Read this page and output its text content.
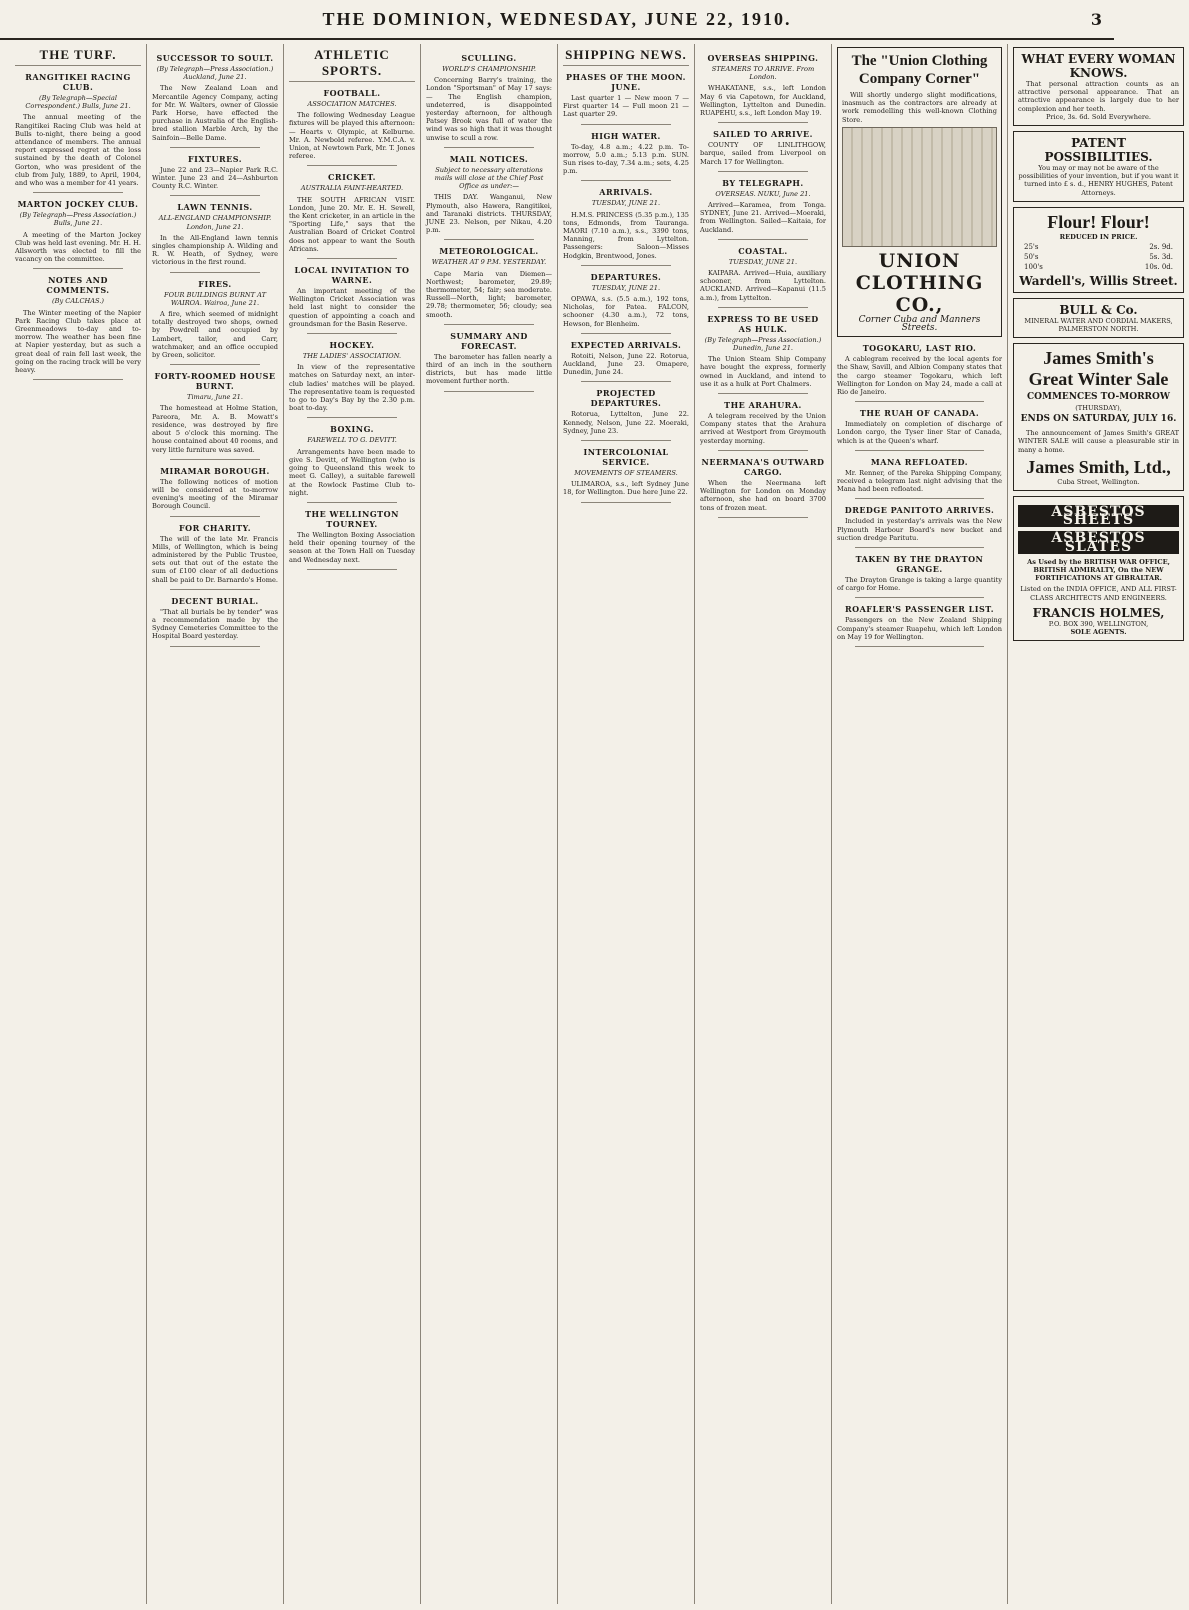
THE DOMINION, WEDNESDAY, JUNE 22, 1910.	3
THE TURF.
RANGITIKEI RACING CLUB.
(By Telegraph—Special Correspondent.) Bulls, June 21.
The annual meeting of the Rangitikei Racing Club was held at Bulls to-night, there being a good attendance of members. The annual report expressed regret at the loss sustained by the death of Colonel Gorton, who was president of the club from July, 1889, to April, 1904, and who was a member for 41 years.
MARTON JOCKEY CLUB.
(By Telegraph—Press Association.) Bulls, June 21.
A meeting of the Marton Jockey Club was held last evening. Mr. H. H. Allsworth was elected to fill the vacancy on the committee.
NOTES AND COMMENTS.
(By CALCHAS.)
The Winter meeting of the Napier Park Racing Club takes place at Greenmeadows to-day and to-morrow. The weather has been fine at Napier yesterday, but as such a great deal of rain fell last week, the going on the racing track will be very heavy.
SUCCESSOR TO SOULT.
(By Telegraph—Press Association.) Auckland, June 21.
The New Zealand Loan and Mercantile Agency Company, acting for Mr. W. Walters, owner of Glossie Park Horse, have effected the purchase in Australia of the English-bred stallion Marble Arch, by the Sainfoin—Belle Dame.
FIXTURES.
June 22 and 23—Napier Park R.C. Winter. June 23 and 24—Ashburton County R.C. Winter.
LAWN TENNIS.
ALL-ENGLAND CHAMPIONSHIP. London, June 21.
In the All-England lawn tennis singles championship A. Wilding and R. W. Heath, of Sydney, were victorious in the first round.
FIRES.
FOUR BUILDINGS BURNT AT WAIROA. Wairoa, June 21.
A fire, which seemed of midnight totally destroyed two shops, owned by Powdrell and occupied by Lambert, tailor, and Carr, watchmaker, and an office occupied by Green, solicitor.
FORTY-ROOMED HOUSE BURNT.
Timaru, June 21.
The homestead at Holme Station, Pareora, Mr. A. B. Mowatt's residence, was destroyed by fire about 5 o'clock this morning. The house contained about 40 rooms, and very little furniture was saved.
MIRAMAR BOROUGH.
The following notices of motion will be considered at to-morrow evening's meeting of the Miramar Borough Council.
FOR CHARITY.
The will of the late Mr. Francis Mills, of Wellington, which is being administered by the Public Trustee, sets out that out of the estate the sum of £100 clear of all deductions shall be paid to Dr. Barnardo's Home.
DECENT BURIAL.
"That all burials be by tender" was a recommendation made by the Sydney Cemeteries Committee to the Hospital Board yesterday.
ATHLETIC SPORTS.
FOOTBALL.
ASSOCIATION MATCHES.
The following Wednesday League fixtures will be played this afternoon:— Hearts v. Olympic, at Kelburne. Mr. A. Newbold referee. Y.M.C.A. v. Union, at Newtown Park, Mr. T. Jones referee.
CRICKET.
AUSTRALIA FAINT-HEARTED.
THE SOUTH AFRICAN VISIT. London, June 20. Mr. E. H. Sewell, the Kent cricketer, in an article in the "Sporting Life," says that the Australian Board of Cricket Control does not appear to want the South Africans.
LOCAL INVITATION TO WARNE.
An important meeting of the Wellington Cricket Association was held last night to consider the question of appointing a coach and groundsman for the Basin Reserve.
HOCKEY.
THE LADIES' ASSOCIATION.
In view of the representative matches on Saturday next, an inter-club ladies' matches will be played. The representative team is requested to go to Day's Bay by the 2.30 p.m. boat to-day.
BOXING.
FAREWELL TO G. DEVITT.
Arrangements have been made to give S. Devitt, of Wellington (who is going to Queensland this week to meet G. Calley), a suitable farewell at the Rowlock Pastime Club to-night.
THE WELLINGTON TOURNEY.
The Wellington Boxing Association held their opening tourney of the season at the Town Hall on Tuesday and Wednesday next.
SCULLING.
WORLD'S CHAMPIONSHIP.
Concerning Barry's training, the London "Sportsman" of May 17 says:— The English champion, undeterred, is disappointed yesterday afternoon, for although Patsey Brook was full of water the wind was so high that it was thought unwise to scull a row.
MAIL NOTICES.
Subject to necessary alterations mails will close at the Chief Post Office as under:—
THIS DAY. Wanganui, New Plymouth, also Hawera, Rangitikei, and Taranaki districts. THURSDAY, JUNE 23. Nelson, per Nikau, 4.20 p.m.
METEOROLOGICAL.
WEATHER AT 9 P.M. YESTERDAY.
Cape Maria van Diemen—Northwest; barometer, 29.89; thermometer, 54; fair; sea moderate. Russell—North, light; barometer, 29.78; thermometer, 56; cloudy; sea smooth.
SUMMARY AND FORECAST.
The barometer has fallen nearly a third of an inch in the southern districts, but has made little movement further north.
SHIPPING NEWS.
PHASES OF THE MOON. JUNE.
Last quarter 1 — New moon 7 — First quarter 14 — Full moon 21 — Last quarter 29.
HIGH WATER.
To-day, 4.8 a.m.; 4.22 p.m. To-morrow, 5.0 a.m.; 5.13 p.m. SUN. Sun rises to-day, 7.34 a.m.; sets, 4.25 p.m.
ARRIVALS.
TUESDAY, JUNE 21.
H.M.S. PRINCESS (5.35 p.m.), 135 tons, Edmonds, from Tauranga. MAORI (7.10 a.m.), s.s., 3390 tons, Manning, from Lyttelton. Passengers: Saloon—Misses Hodgkin, Brentwood, Jones.
DEPARTURES.
TUESDAY, JUNE 21.
OPAWA, s.s. (5.5 a.m.), 192 tons, Nicholas, for Patea. FALCON, schooner (4.30 a.m.), 72 tons, Hewson, for Blenheim.
EXPECTED ARRIVALS.
Rotoiti, Nelson, June 22. Rotorua, Auckland, June 23. Omapere, Dunedin, June 24.
PROJECTED DEPARTURES.
Rotorua, Lyttelton, June 22. Kennedy, Nelson, June 22. Moeraki, Sydney, June 23.
INTERCOLONIAL SERVICE.
MOVEMENTS OF STEAMERS.
ULIMAROA, s.s., left Sydney June 18, for Wellington. Due here June 22.
OVERSEAS SHIPPING.
STEAMERS TO ARRIVE. From London.
WHAKATANE, s.s., left London May 6 via Capetown, for Auckland, Wellington, Lyttelton and Dunedin. RUAPEHU, s.s., left London May 19.
SAILED TO ARRIVE.
COUNTY OF LINLITHGOW, barque, sailed from Liverpool on March 17 for Wellington.
BY TELEGRAPH.
OVERSEAS. NUKU, June 21.
Arrived—Karamea, from Tonga. SYDNEY, June 21. Arrived—Moeraki, from Wellington. Sailed—Kaitaia, for Auckland.
COASTAL.
TUESDAY, JUNE 21.
KAIPARA. Arrived—Huia, auxiliary schooner, from Lyttelton. AUCKLAND. Arrived—Kapanui (11.5 a.m.), from Lyttelton.
EXPRESS TO BE USED AS HULK.
(By Telegraph—Press Association.) Dunedin, June 21.
The Union Steam Ship Company have bought the express, formerly owned in Auckland, and intend to use it as a hulk at Port Chalmers.
THE ARAHURA.
A telegram received by the Union Company states that the Arahura arrived at Westport from Greymouth yesterday morning.
NEERMANA'S OUTWARD CARGO.
When the Neermana left Wellington for London on Monday afternoon, she had on board 3700 tons of frozen meat.
The "Union Clothing Company Corner"
Will shortly undergo slight modifications, inasmuch as the contractors are already at work remodelling this well-known Clothing Store.
UNION CLOTHING CO.,
Corner Cuba and Manners Streets.
TOGOKARU, LAST RIO.
A cablegram received by the local agents for the Shaw, Savill, and Albion Company states that the cargo steamer Togokaru, which left Wellington for London on May 24, made a call at Rio de Janeiro.
THE RUAH OF CANADA.
Immediately on completion of discharge of London cargo, the Tyser liner Star of Canada, which is at the Queen's wharf.
MANA REFLOATED.
Mr. Renner, of the Pareka Shipping Company, received a telegram last night advising that the Mana had been refloated.
DREDGE PANITOTO ARRIVES.
Included in yesterday's arrivals was the New Plymouth Harbour Board's new bucket and suction dredge Paritutu.
TAKEN BY THE DRAYTON GRANGE.
The Drayton Grange is taking a large quantity of cargo for Home.
ROAFLER'S PASSENGER LIST.
Passengers on the New Zealand Shipping Company's steamer Ruapehu, which left London on May 19 for Wellington.
WHAT EVERY WOMAN KNOWS.
That personal attraction counts as an attractive personal appearance. That an attractive appearance is largely due to her complexion and her teeth.
Price, 3s. 6d. Sold Everywhere.
PATENT POSSIBILITIES.
You may or may not be aware of the possibilities of your invention, but if you want it turned into £ s. d., HENRY HUGHES, Patent Attorneys.
Flour! Flour!
REDUCED IN PRICE.
25's	2s. 9d.
50's	5s. 3d.
100's	10s. 0d.
Wardell's, Willis Street.
BULL & Co.
MINERAL WATER AND CORDIAL MAKERS, PALMERSTON NORTH.
James Smith's
Great Winter Sale
COMMENCES TO-MORROW
(THURSDAY),
ENDS ON SATURDAY, JULY 16.
The announcement of James Smith's GREAT WINTER SALE will cause a pleasurable stir in many a home.
James Smith, Ltd.,
Cuba Street, Wellington.
ASBESTOS SHEETS
ASBESTOS SLATES
As Used by the BRITISH WAR OFFICE, BRITISH ADMIRALTY, On the NEW FORTIFICATIONS AT GIBRALTAR.
Listed on the INDIA OFFICE, AND ALL FIRST-CLASS ARCHITECTS AND ENGINEERS.
FRANCIS HOLMES,
P.O. BOX 390, WELLINGTON,
SOLE AGENTS.
